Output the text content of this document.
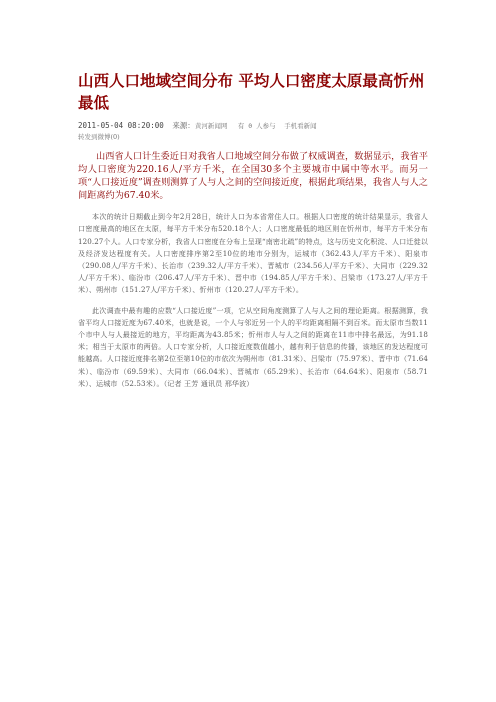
山西人口地域空间分布 平均人口密度太原最高忻州最低
2011-05-04 08:20:00 来源：黄河新闻网 有 0 人参与 手机看新闻
转发到微博(0)

山西省人口计生委近日对我省人口地域空间分布做了权威调查，数据显示，我省平均人口密度为220.16人/平方千米，在全国30多个主要城市中属中等水平。而另一项“人口接近度”调查则测算了人与人之间的空间接近度，根据此项结果，我省人与人之间距离约为67.40米。

本次的统计日期截止到今年2月28日，统计人口为本省常住人口。根据人口密度的统计结果显示，我省人口密度最高的地区在太原，每平方千米分布520.18个人；人口密度最低的地区则在忻州市，每平方千米分布120.27个人。人口专家分析，我省人口密度在分布上呈现“南密北疏”的特点，这与历史文化积淀、人口迁徙以及经济发达程度有关。人口密度排序第2至10位的地市分别为，运城市（362.43人/平方千米）、阳泉市（290.08人/平方千米）、长治市（239.32人/平方千米）、晋城市（234.56人/平方千米）、大同市（229.32人/平方千米）、临汾市（206.47人/平方千米）、晋中市（194.85人/平方千米）、吕梁市（173.27人/平方千米）、朔州市（151.27人/平方千米）、忻州市（120.27人/平方千米）。

此次调查中最有趣的应数“人口接近度”一项，它从空间角度测算了人与人之间的理论距离。根据测算，我省平均人口接近度为67.40米，也就是说，一个人与邻近另一个人的平均距离相隔不到百米。而太原市当数11个市中人与人最接近的地方，平均距离为43.85米；忻州市人与人之间的距离在11市中排名最远，为91.18米；相当于太原市的两倍。人口专家分析，人口接近度数值越小，越有利于信息的传播，该地区的发达程度可能越高。人口接近度排名第2位至第10位的市依次为朔州市（81.31米）、吕梁市（75.97米）、晋中市（71.64米）、临汾市（69.59米）、大同市（66.04米）、晋城市（65.29米）、长治市（64.64米）、阳泉市（58.71米）、运城市（52.53米）。（记者 王芳 通讯员 邢华波）
